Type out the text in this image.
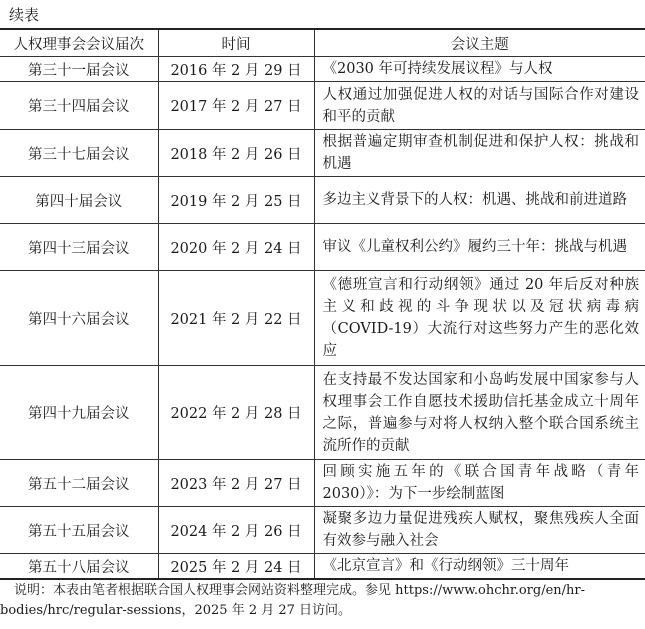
续表
人权理事会会议届次	时间	会议主题
第三十一届会议	2016 年 2 月 29 日	《2030 年可持续发展议程》与人权
第三十四届会议	2017 年 2 月 27 日	人权通过加强促进人权的对话与国际合作对建设和平的贡献
第三十七届会议	2018 年 2 月 26 日	根据普遍定期审查机制促进和保护人权：挑战和机遇
第四十届会议	2019 年 2 月 25 日	多边主义背景下的人权：机遇、挑战和前进道路
第四十三届会议	2020 年 2 月 24 日	审议《儿童权利公约》履约三十年：挑战与机遇
第四十六届会议	2021 年 2 月 22 日	《德班宣言和行动纲领》通过 20 年后反对种族主义和歧视的斗争现状以及冠状病毒病（COVID-19）大流行对这些努力产生的恶化效应
第四十九届会议	2022 年 2 月 28 日	在支持最不发达国家和小岛屿发展中国家参与人权理事会工作自愿技术援助信托基金成立十周年之际，普遍参与对将人权纳入整个联合国系统主流所作的贡献
第五十二届会议	2023 年 2 月 27 日	回顾实施五年的《联合国青年战略（青年 2030）》：为下一步绘制蓝图
第五十五届会议	2024 年 2 月 26 日	凝聚多边力量促进残疾人赋权，聚焦残疾人全面有效参与融入社会
第五十八届会议	2025 年 2 月 24 日	《北京宣言》和《行动纲领》三十周年
说明：本表由笔者根据联合国人权理事会网站资料整理完成。参见 https://www.ohchr.org/en/hr-
bodies/hrc/regular-sessions，2025 年 2 月 27 日访问。
